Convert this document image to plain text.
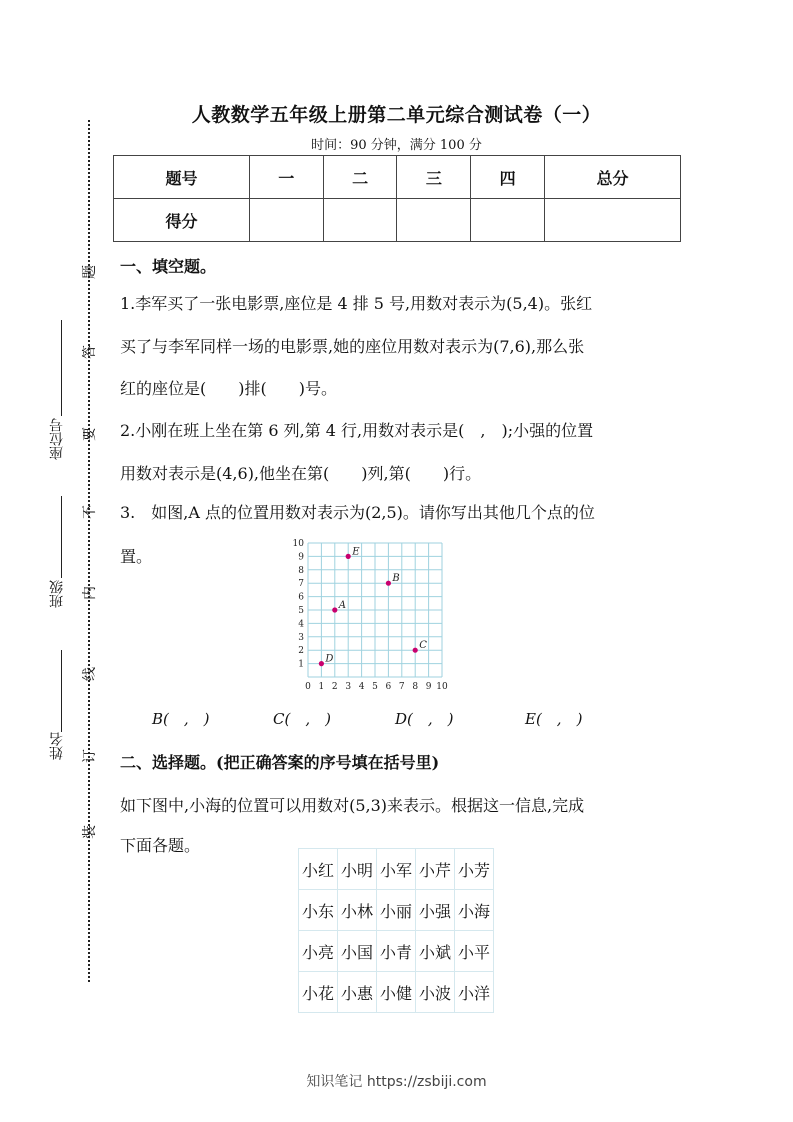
人教数学五年级上册第二单元综合测试卷（一）
时间：90 分钟，满分 100 分
题号	一	二	三	四	总分
得分					
座位号
班级
姓名
题
答
要
不
内
线
订
装
一、填空题。
1.李军买了一张电影票,座位是 4 排 5 号,用数对表示为(5,4)。张红
买了与李军同样一场的电影票,她的座位用数对表示为(7,6),那么张
红的座位是(　　)排(　　)号。
2.小刚在班上坐在第 6 列,第 4 行,用数对表示是(　,　);小强的位置
用数对表示是(4,6),他坐在第(　　)列,第(　　)行。
3.　如图,A 点的位置用数对表示为(2,5)。请你写出其他几个点的位
置。
0 1 2 3 4 5 6 7 8 9 10
1
2
3
4
5
6
7
8
9
10
A
B
C
D
E
B(　,　)	C(　,　)	D(　,　)	E(　,　)
二、选择题。(把正确答案的序号填在括号里)
如下图中,小海的位置可以用数对(5,3)来表示。根据这一信息,完成
下面各题。
小红	小明	小军	小芹	小芳
小东	小林	小丽	小强	小海
小亮	小国	小青	小斌	小平
小花	小惠	小健	小波	小洋
知识笔记 https://zsbiji.com
